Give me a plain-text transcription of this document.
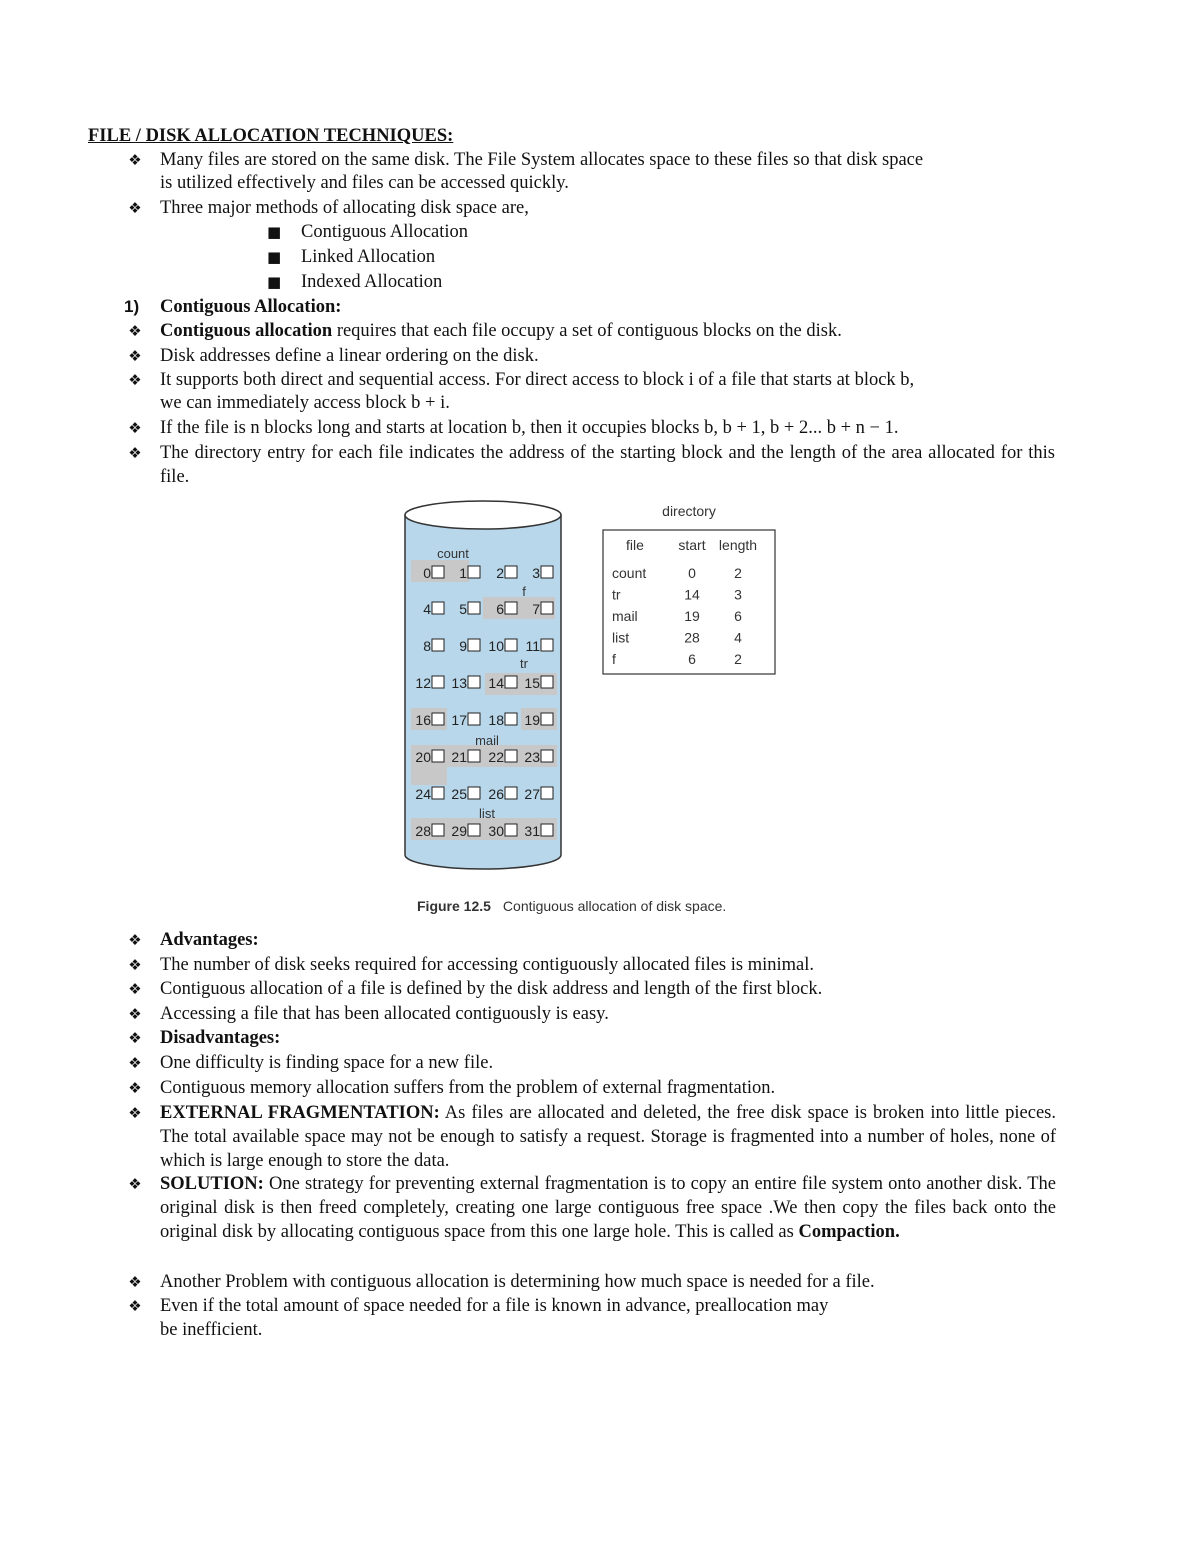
FILE / DISK ALLOCATION TECHNIQUES:
❖ Many files are stored on the same disk. The File System allocates space to these files so that disk space
is utilized effectively and files can be accessed quickly.
❖ Three major methods of allocating disk space are,
■ Contiguous Allocation
■ Linked Allocation
■ Indexed Allocation
1) Contiguous Allocation:
❖ Contiguous allocation requires that each file occupy a set of contiguous blocks on the disk.
❖ Disk addresses define a linear ordering on the disk.
❖ It supports both direct and sequential access. For direct access to block i of a file that starts at block b,
we can immediately access block b + i.
❖ If the file is n blocks long and starts at location b, then it occupies blocks b, b + 1, b + 2... b + n − 1.
❖ The directory entry for each file indicates the address of the starting block and the length of the area allocated for this file.
0 1 2 3
4 5 6 7
8 9 10 11
12 13 14 15
16 17 18 19
20 21 22 23
24 25 26 27
28 29 30 31
count
f
tr
mail
list
directory
file start length
count	0	2
tr	14 3
mail	19 6
list	28 4
f	6	2
Figure 12.5 Contiguous allocation of disk space.
❖ Advantages:
❖ The number of disk seeks required for accessing contiguously allocated files is minimal.
❖ Contiguous allocation of a file is defined by the disk address and length of the first block.
❖ Accessing a file that has been allocated contiguously is easy.
❖ Disadvantages:
❖ One difficulty is finding space for a new file.
❖ Contiguous memory allocation suffers from the problem of external fragmentation.
❖ EXTERNAL FRAGMENTATION: As files are allocated and deleted, the free disk space is broken into little pieces. The total available space may not be enough to satisfy a request. Storage is fragmented into a number of holes, none of which is large enough to store the data.
❖ SOLUTION: One strategy for preventing external fragmentation is to copy an entire file system onto another disk. The original disk is then freed completely, creating one large contiguous free space .We then copy the files back onto the original disk by allocating contiguous space from this one large hole. This is called as Compaction.
❖ Another Problem with contiguous allocation is determining how much space is needed for a file.
❖ Even if the total amount of space needed for a file is known in advance, preallocation may
be inefficient.
